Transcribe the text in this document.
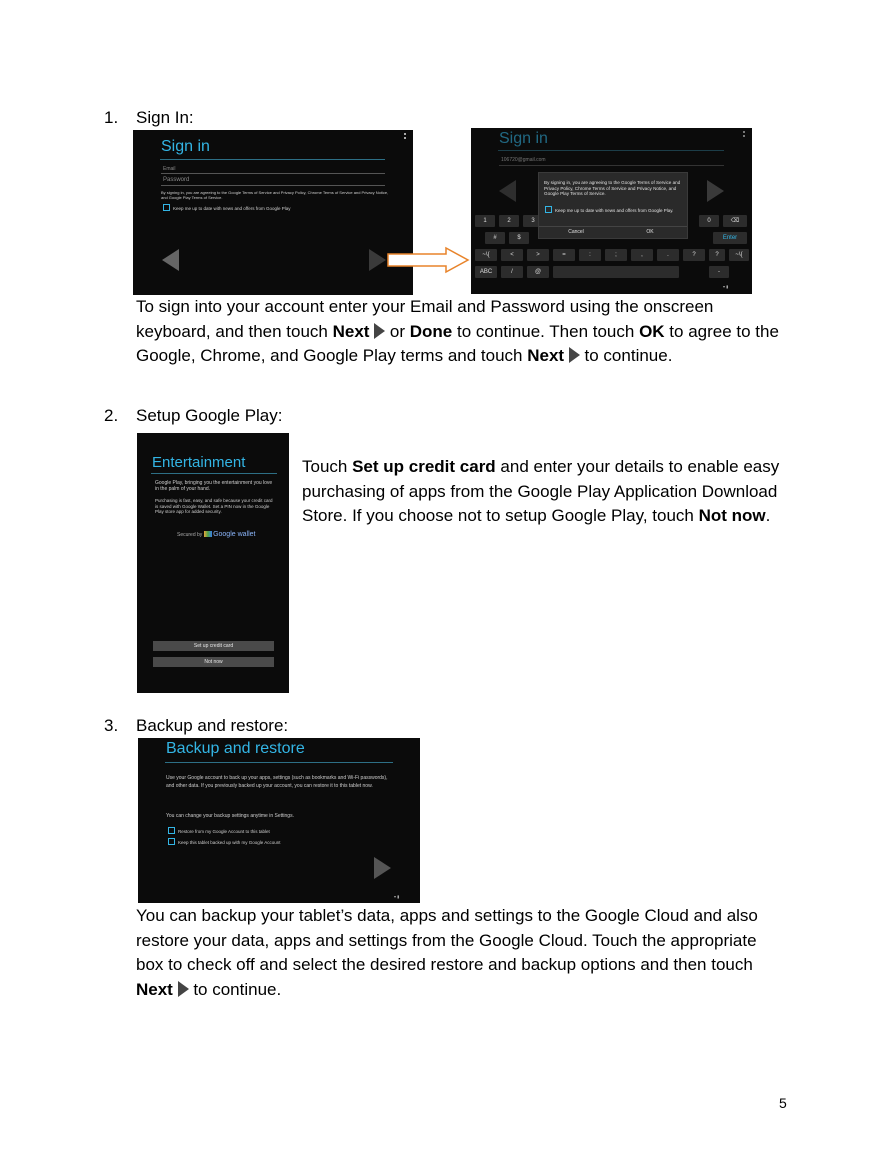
1. Sign In:
Sign in
Email
Password
By signing in, you are agreeing to the Google Terms of Service and Privacy Policy, Chrome Terms of Service and Privacy Notice, and Google Play Terms of Service.
Keep me up to date with news and offers from Google Play
Sign in
106720@gmail.com
1	2	3	0	⌫
#	$	Enter
~\{	<	>	=	:	;	,	.	?	?	~\{
ABC	/	@	-
By signing in, you are agreeing to the Google Terms of Service and Privacy Policy, Chrome Terms of Service and Privacy Notice, and Google Play Terms of Service.
Keep me up to date with news and offers from Google Play.
Cancel	OK
▾ ▮
To sign into your account enter your Email and Password using the onscreen keyboard, and then touch Next  or Done to continue. Then touch OK to agree to the Google, Chrome, and Google Play terms and touch Next  to continue.
2. Setup Google Play:
Entertainment
Google Play, bringing you the entertainment you love in the palm of your hand.
Purchasing is fast, easy, and safe because your credit card is saved with Google Wallet. Set a PIN now in the Google Play store app for added security.
Secured by Google wallet
Set up credit card
Not now
Touch Set up credit card and enter your details to enable easy purchasing of apps from the Google Play Application Download Store. If you choose not to setup Google Play, touch Not now.
3. Backup and restore:
Backup and restore
Use your Google account to back up your apps, settings (such as bookmarks and Wi-Fi passwords), and other data. If you previously backed up your account, you can restore it to this tablet now.
You can change your backup settings anytime in Settings.
Restore from my Google Account to this tablet
Keep this tablet backed up with my Google Account
▾ ▮
You can backup your tablet’s data, apps and settings to the Google Cloud and also restore your data, apps and settings from the Google Cloud. Touch the appropriate box to check off and select the desired restore and backup options and then touch Next  to continue.
5
